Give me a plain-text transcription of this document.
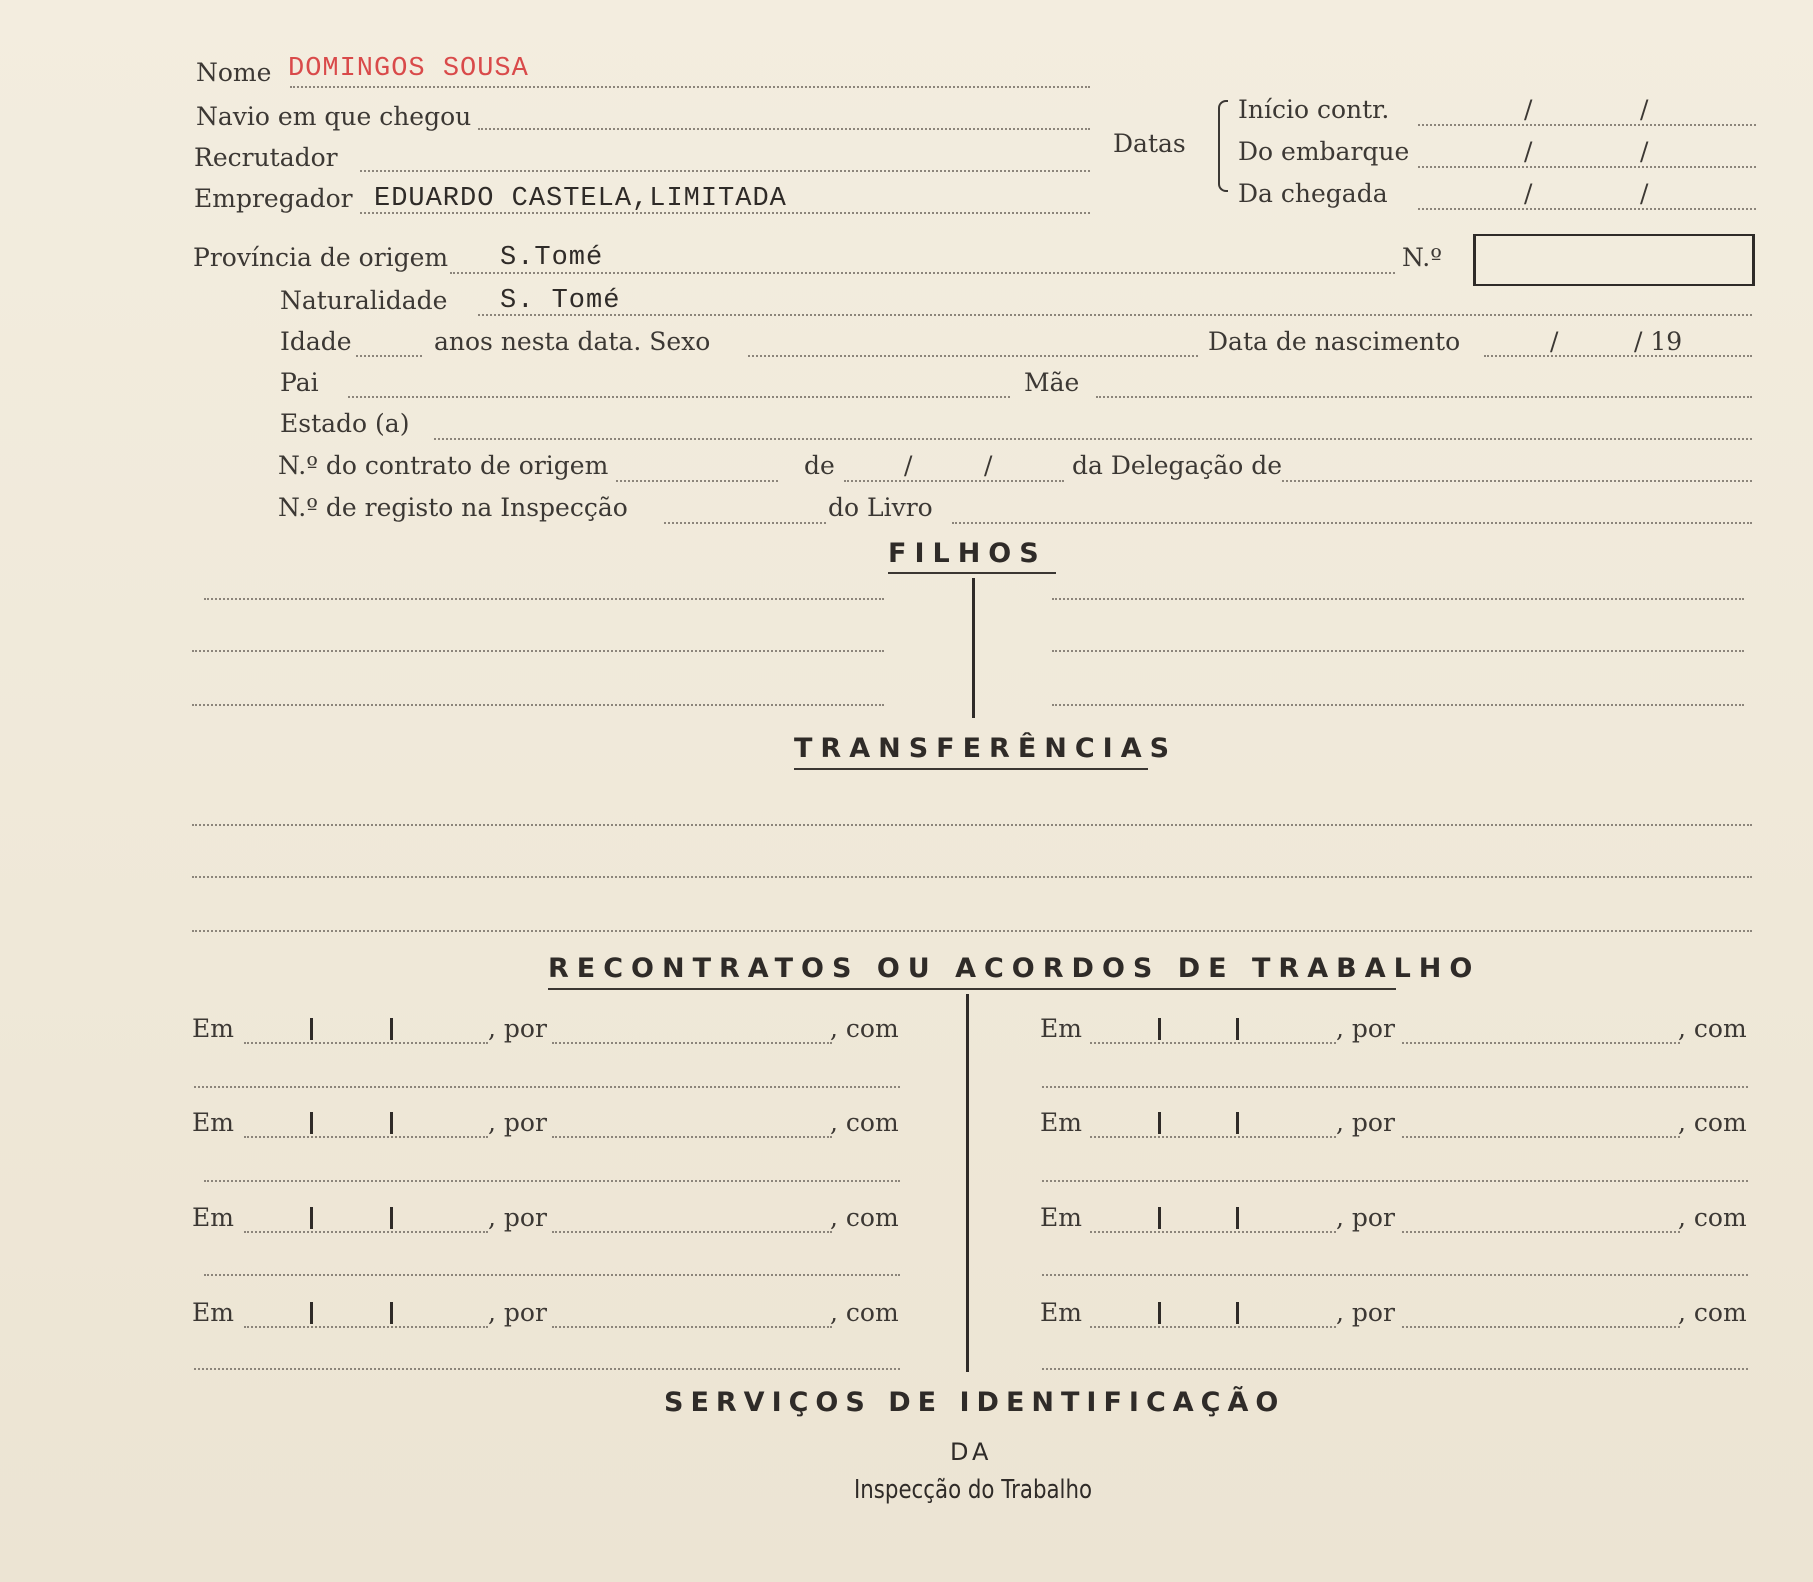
Nome DOMINGOS SOUSA
Navio em que chegou
Recrutador
Empregador EDUARDO CASTELA,LIMITADA
Datas
Início contr.	/	/
Do embarque	/	/
Da chegada	/	/
Província de origem S.Tomé	N.º
Naturalidade S. Tomé
Idade	anos nesta data. Sexo	Data de nascimento	/	/ 19
Pai	Mãe
Estado (a)
N.º do contrato de origem	de	/	/	da Delegação de
N.º de registo na Inspecção	do Livro
FILHOS
TRANSFERÊNCIAS
RECONTRATOS OU ACORDOS DE TRABALHO
Em	, por	, com
Em	, por	, com
Em	, por	, com
Em	, por	, com
Em	, por	, com
Em	, por	, com
Em	, por	, com
Em	, por	, com
SERVIÇOS DE IDENTIFICAÇÃO
DA
Inspecção do Trabalho
